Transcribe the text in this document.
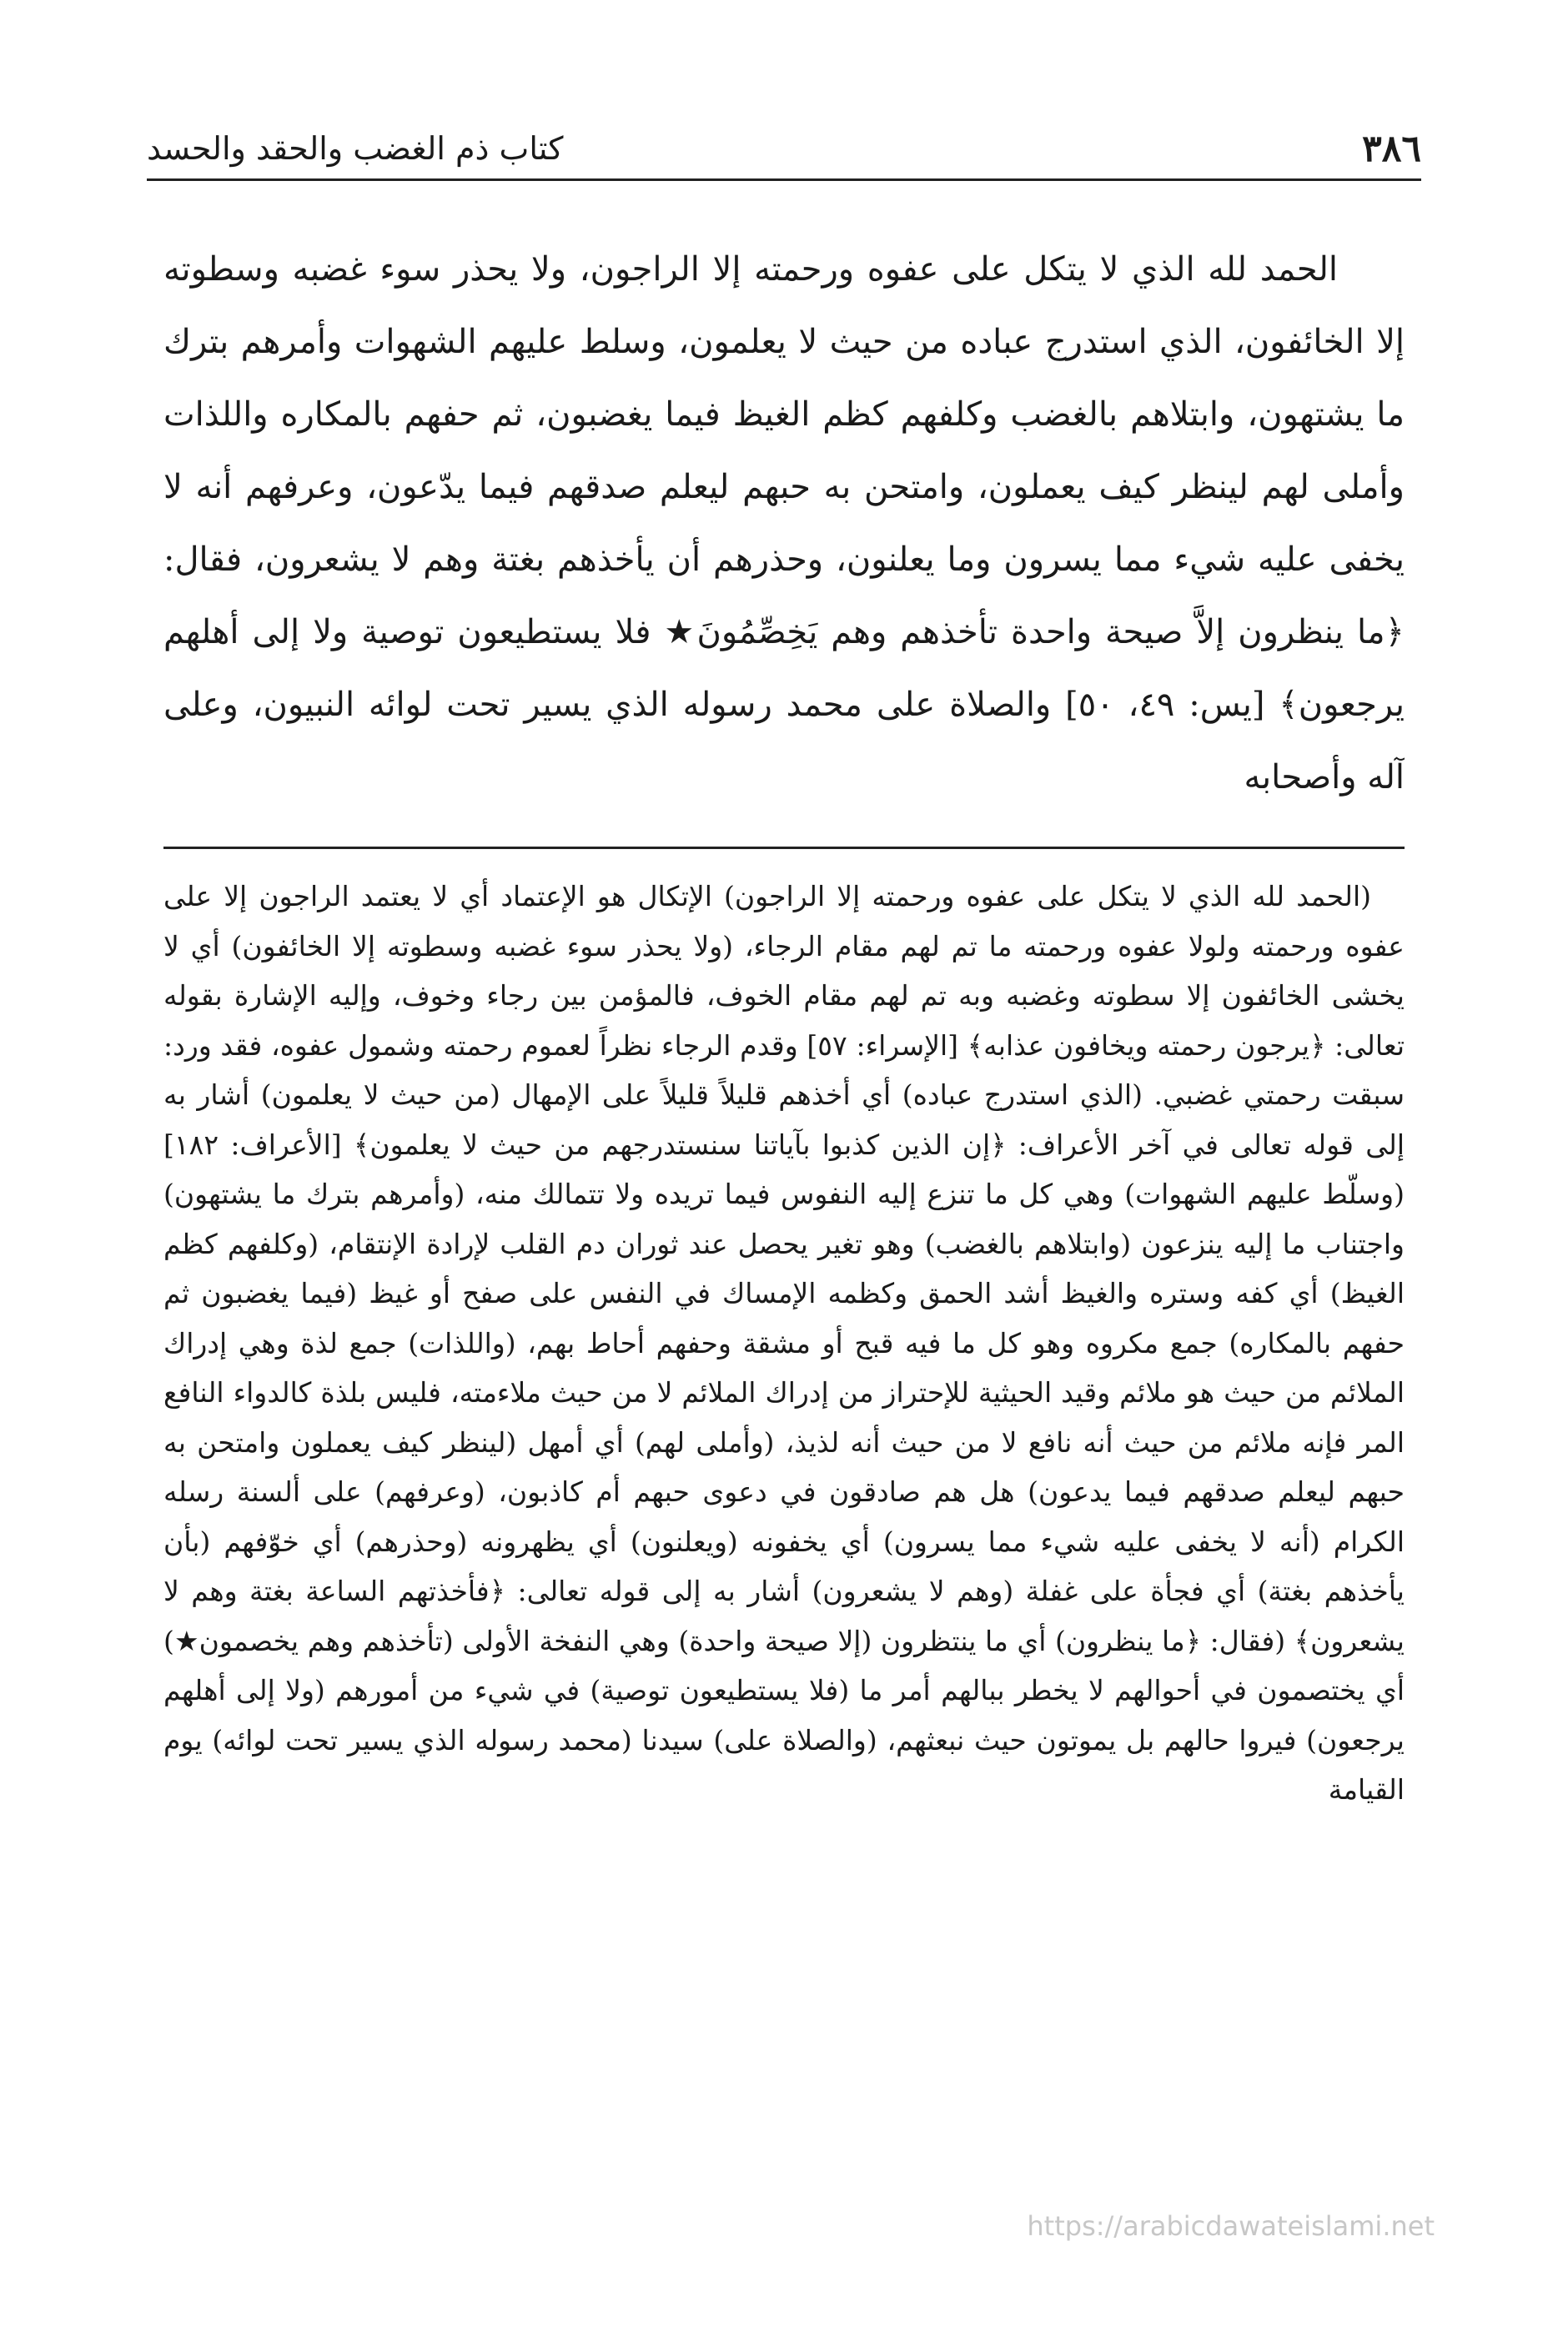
٣٨٦
كتاب ذم الغضب والحقد والحسد

الحمد لله الذي لا يتكل على عفوه ورحمته إلا الراجون، ولا يحذر سوء غضبه وسطوته إلا الخائفون، الذي استدرج عباده من حيث لا يعلمون، وسلط عليهم الشهوات وأمرهم بترك ما يشتهون، وابتلاهم بالغضب وكلفهم كظم الغيظ فيما يغضبون، ثم حفهم بالمكاره واللذات وأملى لهم لينظر كيف يعملون، وامتحن به حبهم ليعلم صدقهم فيما يدّعون، وعرفهم أنه لا يخفى عليه شيء مما يسرون وما يعلنون، وحذرهم أن يأخذهم بغتة وهم لا يشعرون، فقال: ﴿ما ينظرون إلاَّ صيحة واحدة تأخذهم وهم يَخِصِّمُونَ★ فلا يستطيعون توصية ولا إلى أهلهم يرجعون﴾ [يس: ٤٩، ٥٠] والصلاة على محمد رسوله الذي يسير تحت لوائه النبيون، وعلى آله وأصحابه

(الحمد لله الذي لا يتكل على عفوه ورحمته إلا الراجون) الإتكال هو الإعتماد أي لا يعتمد الراجون إلا على عفوه ورحمته ولولا عفوه ورحمته ما تم لهم مقام الرجاء، (ولا يحذر سوء غضبه وسطوته إلا الخائفون) أي لا يخشى الخائفون إلا سطوته وغضبه وبه تم لهم مقام الخوف، فالمؤمن بين رجاء وخوف، وإليه الإشارة بقوله تعالى: ﴿يرجون رحمته ويخافون عذابه﴾ [الإسراء: ٥٧] وقدم الرجاء نظراً لعموم رحمته وشمول عفوه، فقد ورد: سبقت رحمتي غضبي. (الذي استدرج عباده) أي أخذهم قليلاً قليلاً على الإمهال (من حيث لا يعلمون) أشار به إلى قوله تعالى في آخر الأعراف: ﴿إن الذين كذبوا بآياتنا سنستدرجهم من حيث لا يعلمون﴾ [الأعراف: ١٨٢] (وسلّط عليهم الشهوات) وهي كل ما تنزع إليه النفوس فيما تريده ولا تتمالك منه، (وأمرهم بترك ما يشتهون) واجتناب ما إليه ينزعون (وابتلاهم بالغضب) وهو تغير يحصل عند ثوران دم القلب لإرادة الإنتقام، (وكلفهم كظم الغيظ) أي كفه وستره والغيظ أشد الحمق وكظمه الإمساك في النفس على صفح أو غيظ (فيما يغضبون ثم حفهم بالمكاره) جمع مكروه وهو كل ما فيه قبح أو مشقة وحفهم أحاط بهم، (واللذات) جمع لذة وهي إدراك الملائم من حيث هو ملائم وقيد الحيثية للإحتراز من إدراك الملائم لا من حيث ملاءمته، فليس بلذة كالدواء النافع المر فإنه ملائم من حيث أنه نافع لا من حيث أنه لذيذ، (وأملى لهم) أي أمهل (لينظر كيف يعملون وامتحن به حبهم ليعلم صدقهم فيما يدعون) هل هم صادقون في دعوى حبهم أم كاذبون، (وعرفهم) على ألسنة رسله الكرام (أنه لا يخفى عليه شيء مما يسرون) أي يخفونه (ويعلنون) أي يظهرونه (وحذرهم) أي خوّفهم (بأن يأخذهم بغتة) أي فجأة على غفلة (وهم لا يشعرون) أشار به إلى قوله تعالى: ﴿فأخذتهم الساعة بغتة وهم لا يشعرون﴾ (فقال: ﴿ما ينظرون) أي ما ينتظرون (إلا صيحة واحدة) وهي النفخة الأولى (تأخذهم وهم يخصمون★) أي يختصمون في أحوالهم لا يخطر ببالهم أمر ما (فلا يستطيعون توصية) في شيء من أمورهم (ولا إلى أهلهم يرجعون) فيروا حالهم بل يموتون حيث نبعثهم، (والصلاة على) سيدنا (محمد رسوله الذي يسير تحت لوائه) يوم القيامة

https://arabicdawateislami.net
